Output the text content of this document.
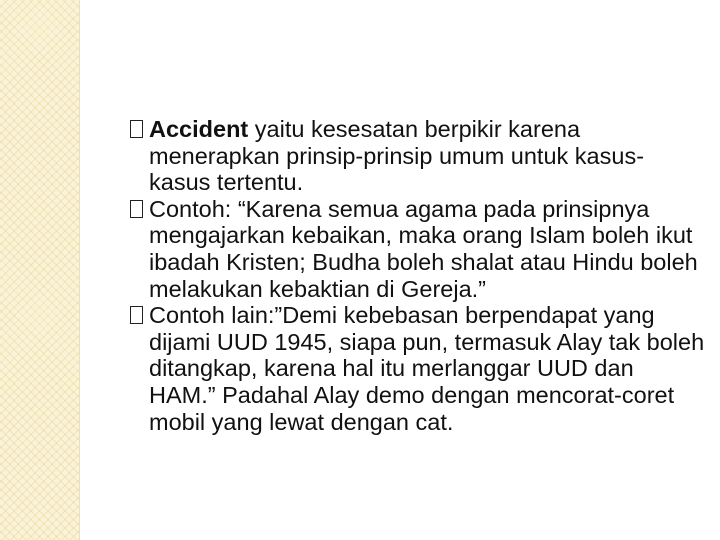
Accident yaitu kesesatan berpikir karena menerapkan prinsip-prinsip umum untuk kasus-kasus tertentu.

Contoh: “Karena semua agama pada prinsipnya mengajarkan kebaikan, maka orang Islam boleh ikut ibadah Kristen; Budha boleh shalat atau Hindu boleh melakukan kebaktian di Gereja.”

Contoh lain:”Demi kebebasan berpendapat yang dijami UUD 1945, siapa pun, termasuk Alay tak boleh ditangkap, karena hal itu merlanggar UUD dan HAM.” Padahal Alay demo dengan mencorat-coret mobil yang lewat dengan cat.
